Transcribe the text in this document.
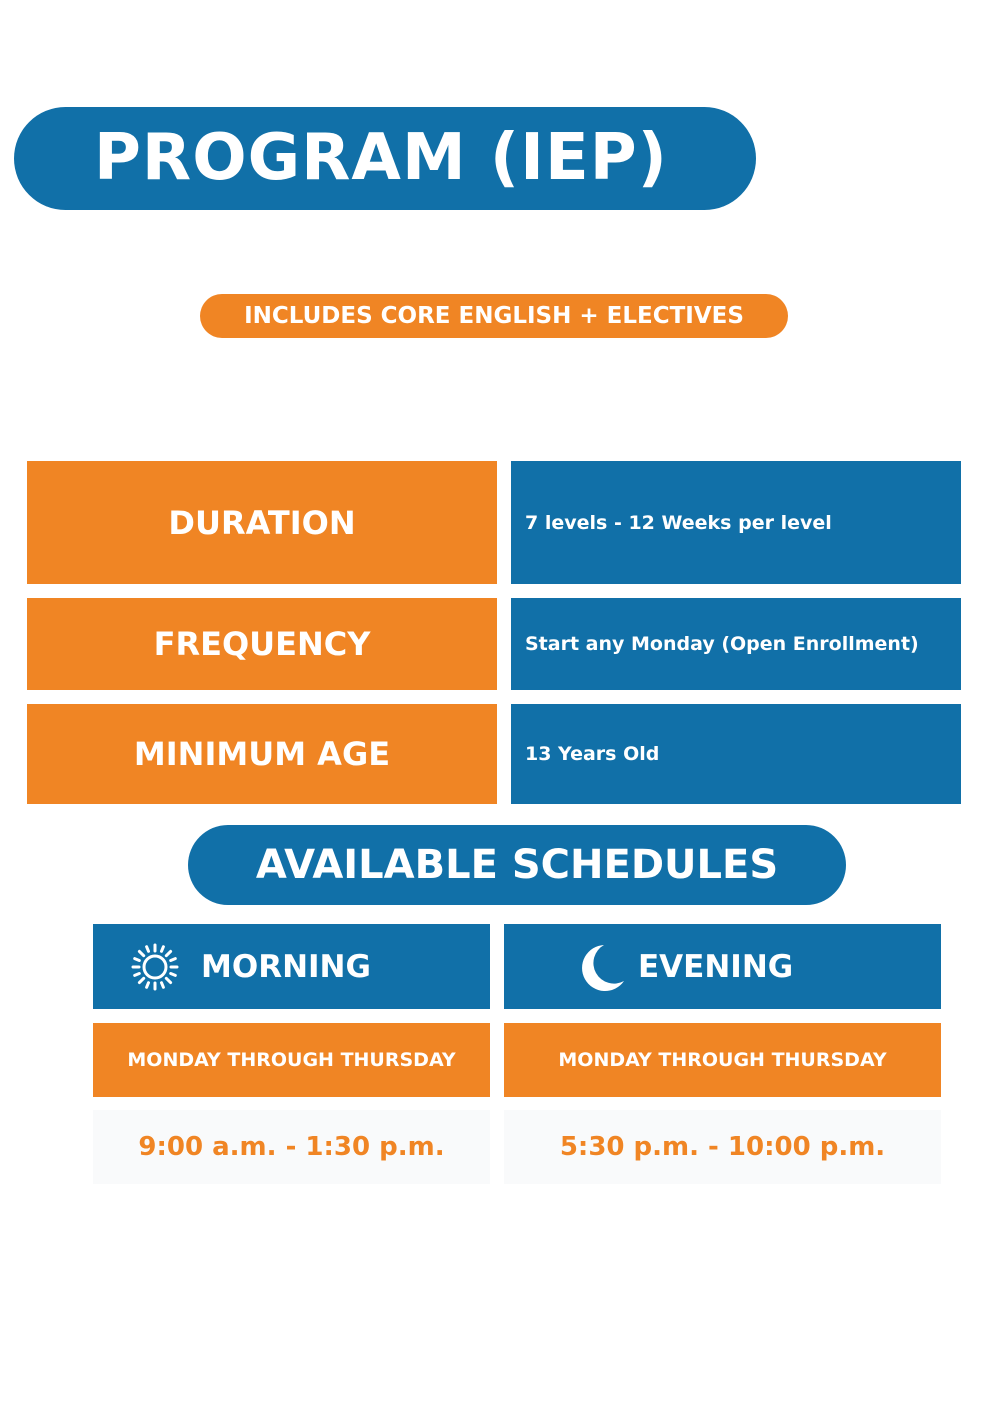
PROGRAM (IEP)
INCLUDES CORE ENGLISH + ELECTIVES
DURATION	7 levels - 12 Weeks per level
FREQUENCY	Start any Monday (Open Enrollment)
MINIMUM AGE	13 Years Old
AVAILABLE SCHEDULES
MORNING	EVENING
MONDAY THROUGH THURSDAY	MONDAY THROUGH THURSDAY
9:00 a.m. - 1:30 p.m.	5:30 p.m. - 10:00 p.m.
